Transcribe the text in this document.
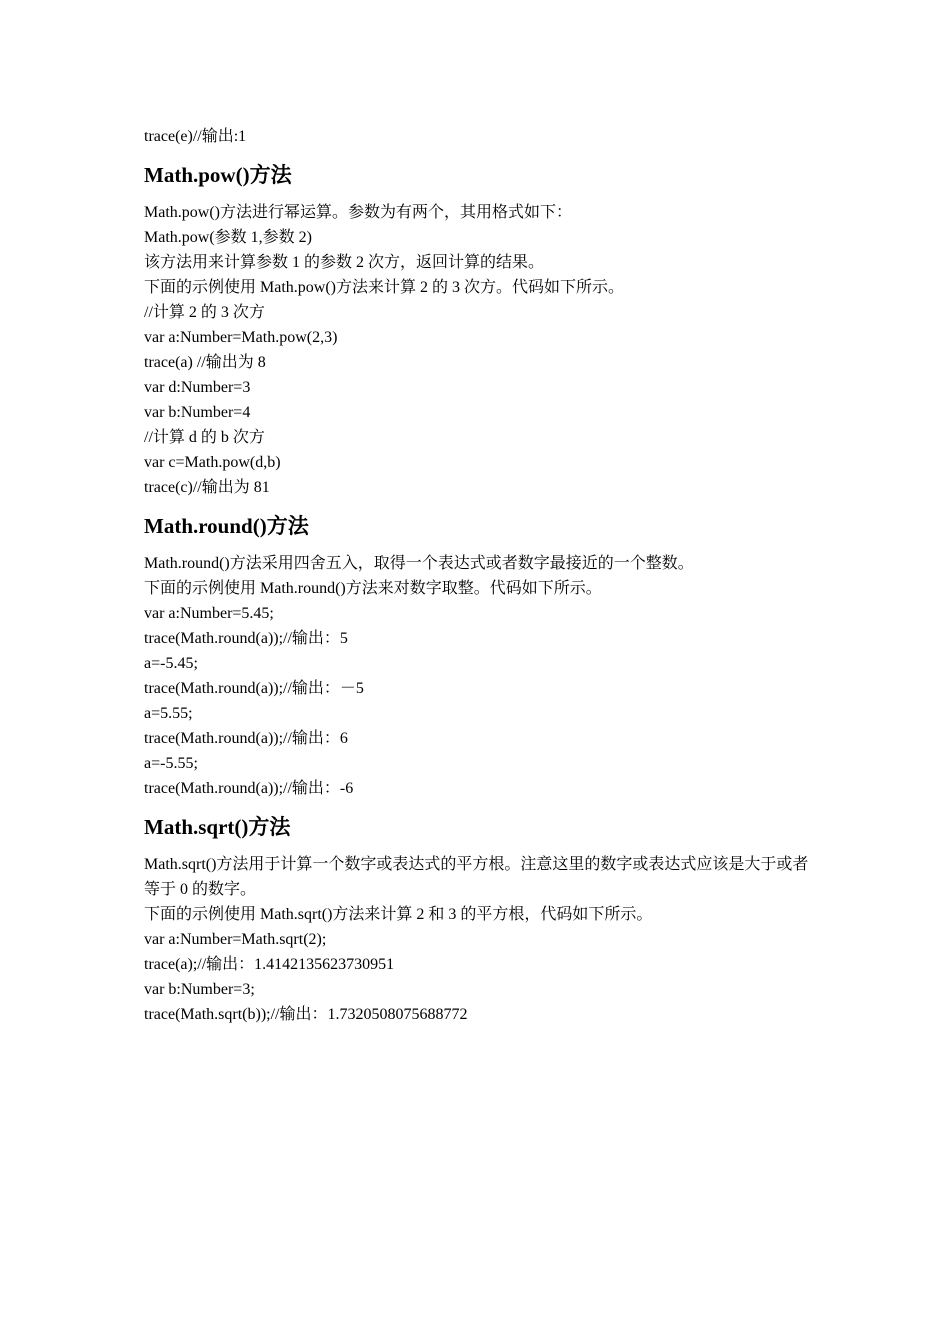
trace(e)//输出:1
Math.pow()方法
Math.pow()方法进行幂运算。参数为有两个，其用格式如下：
Math.pow(参数 1,参数 2)
该方法用来计算参数 1 的参数 2 次方，返回计算的结果。
下面的示例使用 Math.pow()方法来计算 2 的 3 次方。代码如下所示。
//计算 2 的 3 次方
var a:Number=Math.pow(2,3)
trace(a) //输出为 8
var d:Number=3
var b:Number=4
//计算 d 的 b 次方
var c=Math.pow(d,b)
trace(c)//输出为 81
Math.round()方法
Math.round()方法采用四舍五入，取得一个表达式或者数字最接近的一个整数。
下面的示例使用 Math.round()方法来对数字取整。代码如下所示。
var a:Number=5.45;
trace(Math.round(a));//输出：5
a=-5.45;
trace(Math.round(a));//输出：－5
a=5.55;
trace(Math.round(a));//输出：6
a=-5.55;
trace(Math.round(a));//输出：-6
Math.sqrt()方法
Math.sqrt()方法用于计算一个数字或表达式的平方根。注意这里的数字或表达式应该是大于或者等于 0 的数字。
下面的示例使用 Math.sqrt()方法来计算 2 和 3 的平方根，代码如下所示。
var a:Number=Math.sqrt(2);
trace(a);//输出：1.4142135623730951
var b:Number=3;
trace(Math.sqrt(b));//输出：1.7320508075688772
